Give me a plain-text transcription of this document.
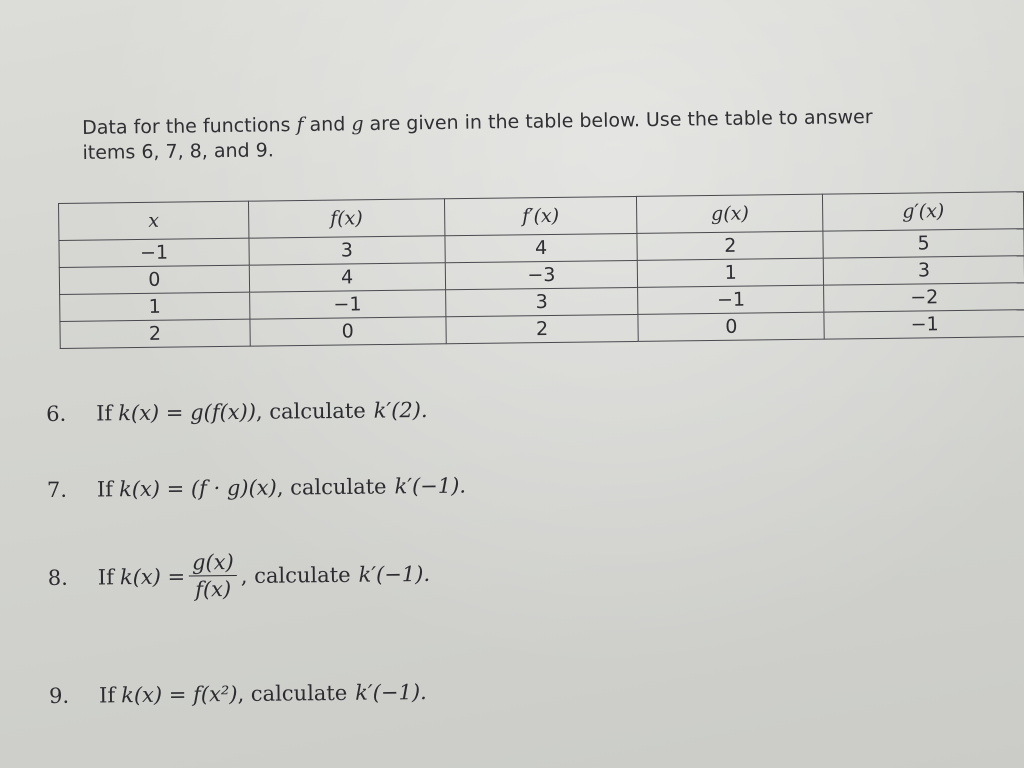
Data for the functions f and g are given in the table below. Use the table to answer
items 6, 7, 8, and 9.
x	f(x)	f′(x)	g(x)	g′(x)
−1	3	4	2	5
0	4	−3	1	3
1	−1	3	−1	−2
2	0	2	0	−1
6.	If k(x) = g(f(x)) , calculate k′(2).
7.	If k(x) = (f · g)(x) , calculate k′(−1).
8.	If $k(x) = \frac{g(x)}{f(x)}$ , calculate k′(−1).
9.	If k(x) = f(x²) , calculate k′(−1).
